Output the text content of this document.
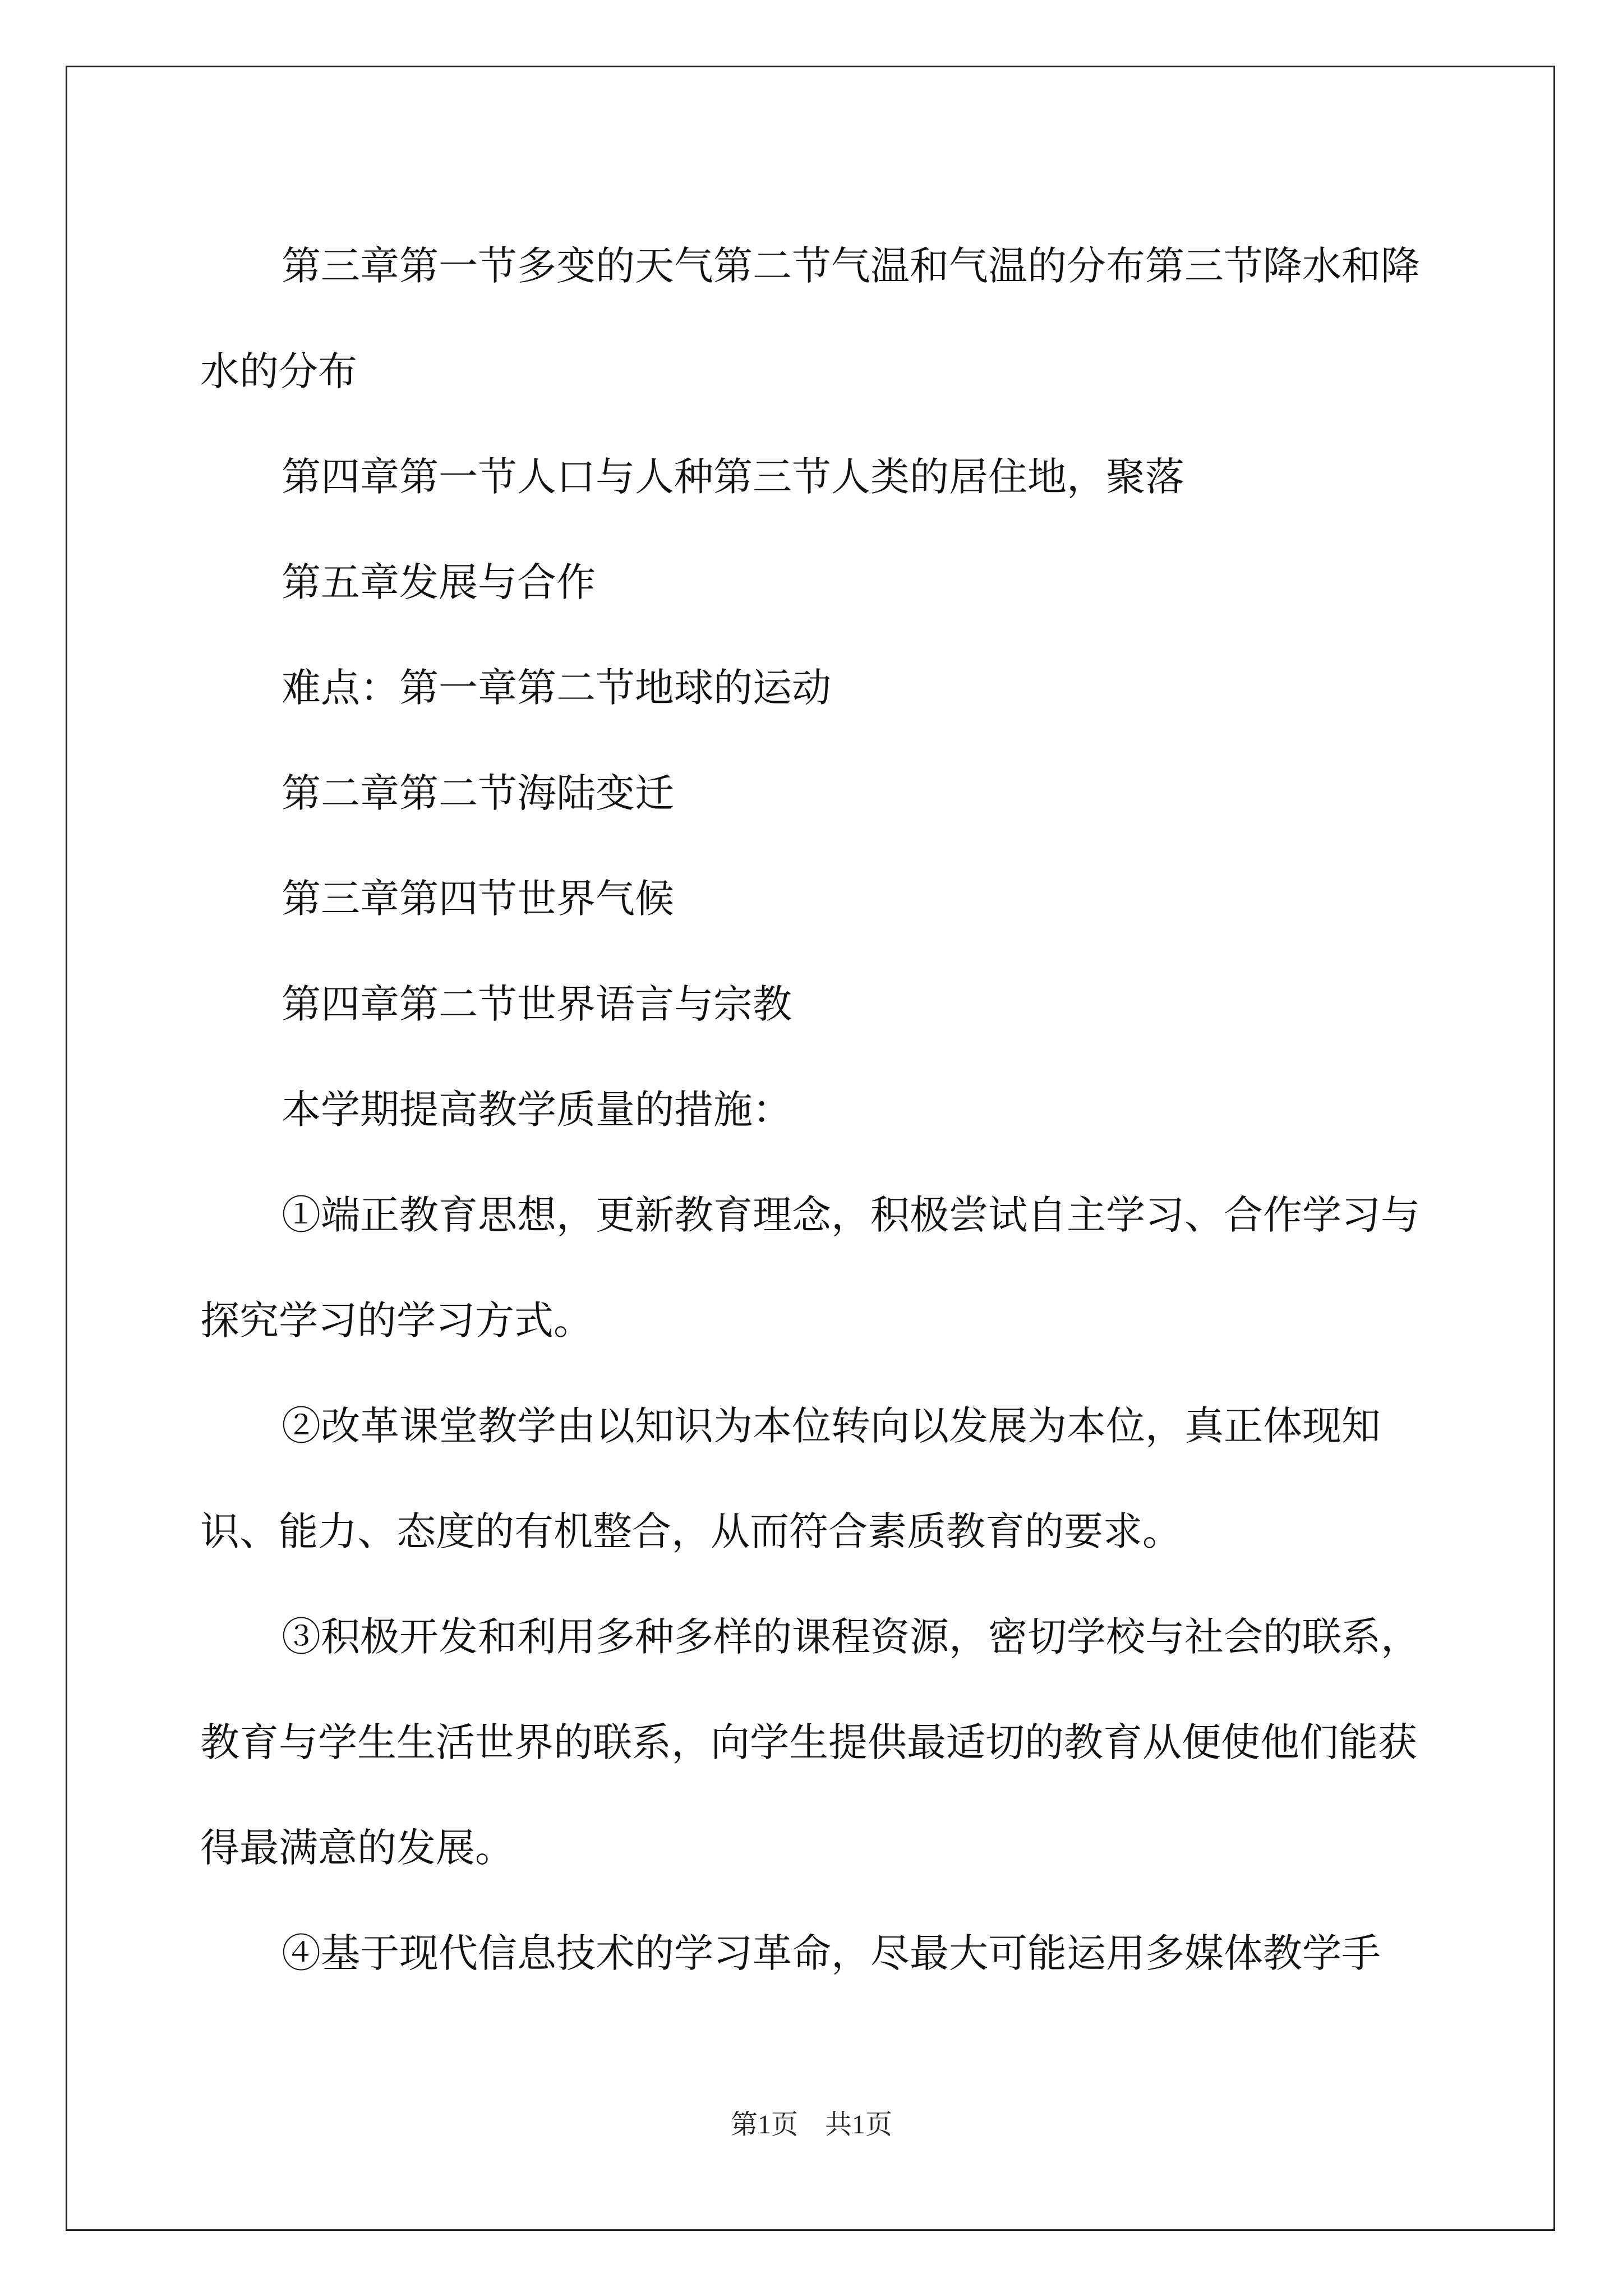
第三章第一节多变的天气第二节气温和气温的分布第三节降水和降水的分布

第四章第一节人口与人种第三节人类的居住地，聚落

第五章发展与合作

难点：第一章第二节地球的运动

第二章第二节海陆变迁

第三章第四节世界气候

第四章第二节世界语言与宗教

本学期提高教学质量的措施：

①端正教育思想，更新教育理念，积极尝试自主学习、合作学习与探究学习的学习方式。

②改革课堂教学由以知识为本位转向以发展为本位，真正体现知识、能力、态度的有机整合，从而符合素质教育的要求。

③积极开发和利用多种多样的课程资源，密切学校与社会的联系，教育与学生生活世界的联系，向学生提供最适切的教育从便使他们能获得最满意的发展。

④基于现代信息技术的学习革命，尽最大可能运用多媒体教学手

第1页 共1页
